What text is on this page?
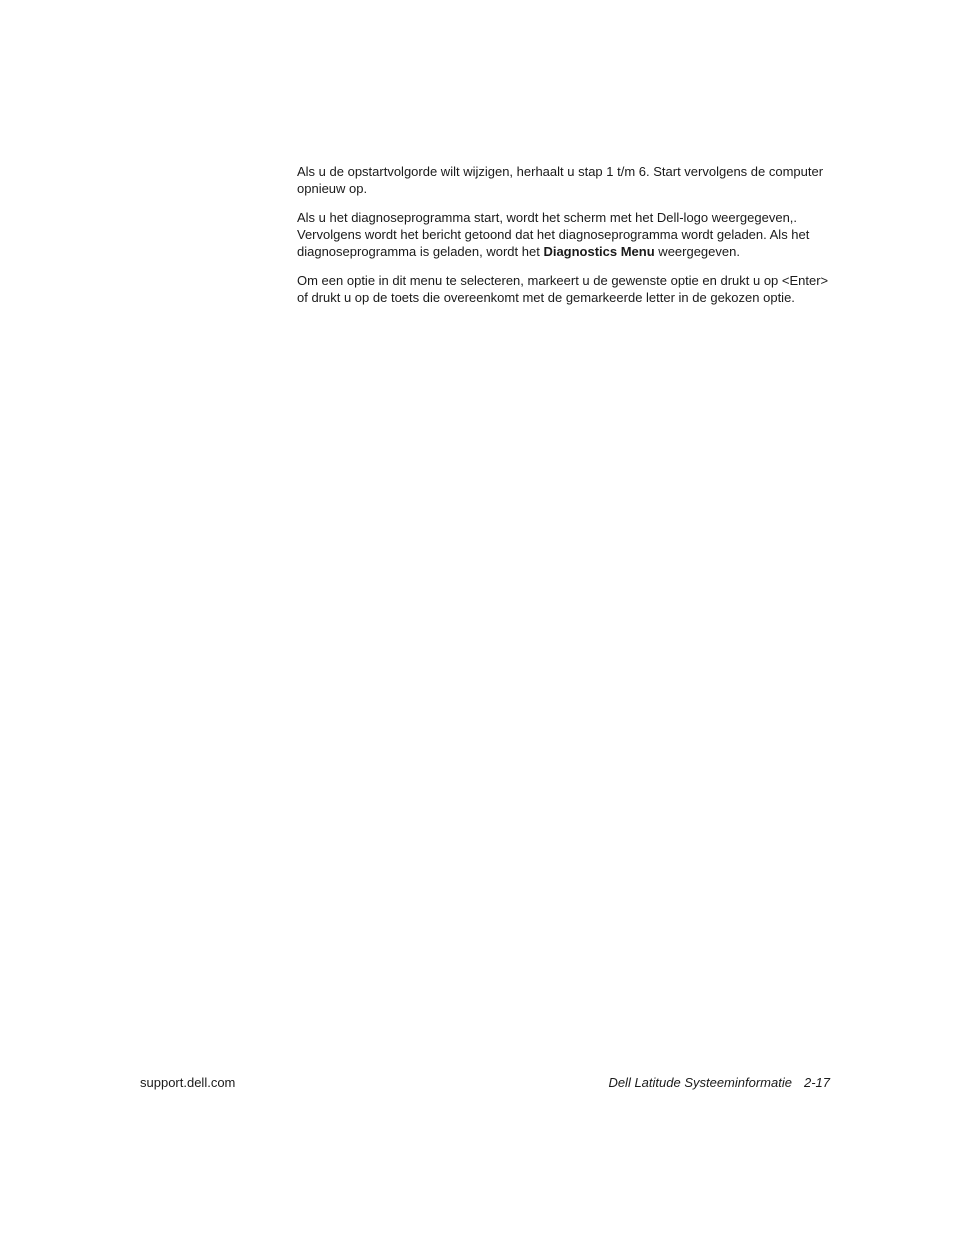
Als u de opstartvolgorde wilt wijzigen, herhaalt u stap 1 t/m 6. Start vervolgens de computer opnieuw op.

Als u het diagnoseprogramma start, wordt het scherm met het Dell-logo weergegeven,. Vervolgens wordt het bericht getoond dat het diagnoseprogramma wordt geladen. Als het diagnoseprogramma is geladen, wordt het Diagnostics Menu weergegeven.

Om een optie in dit menu te selecteren, markeert u de gewenste optie en drukt u op <Enter> of drukt u op de toets die overeenkomt met de gemarkeerde letter in de gekozen optie.

support.dell.com	Dell Latitude Systeeminformatie 2-17
